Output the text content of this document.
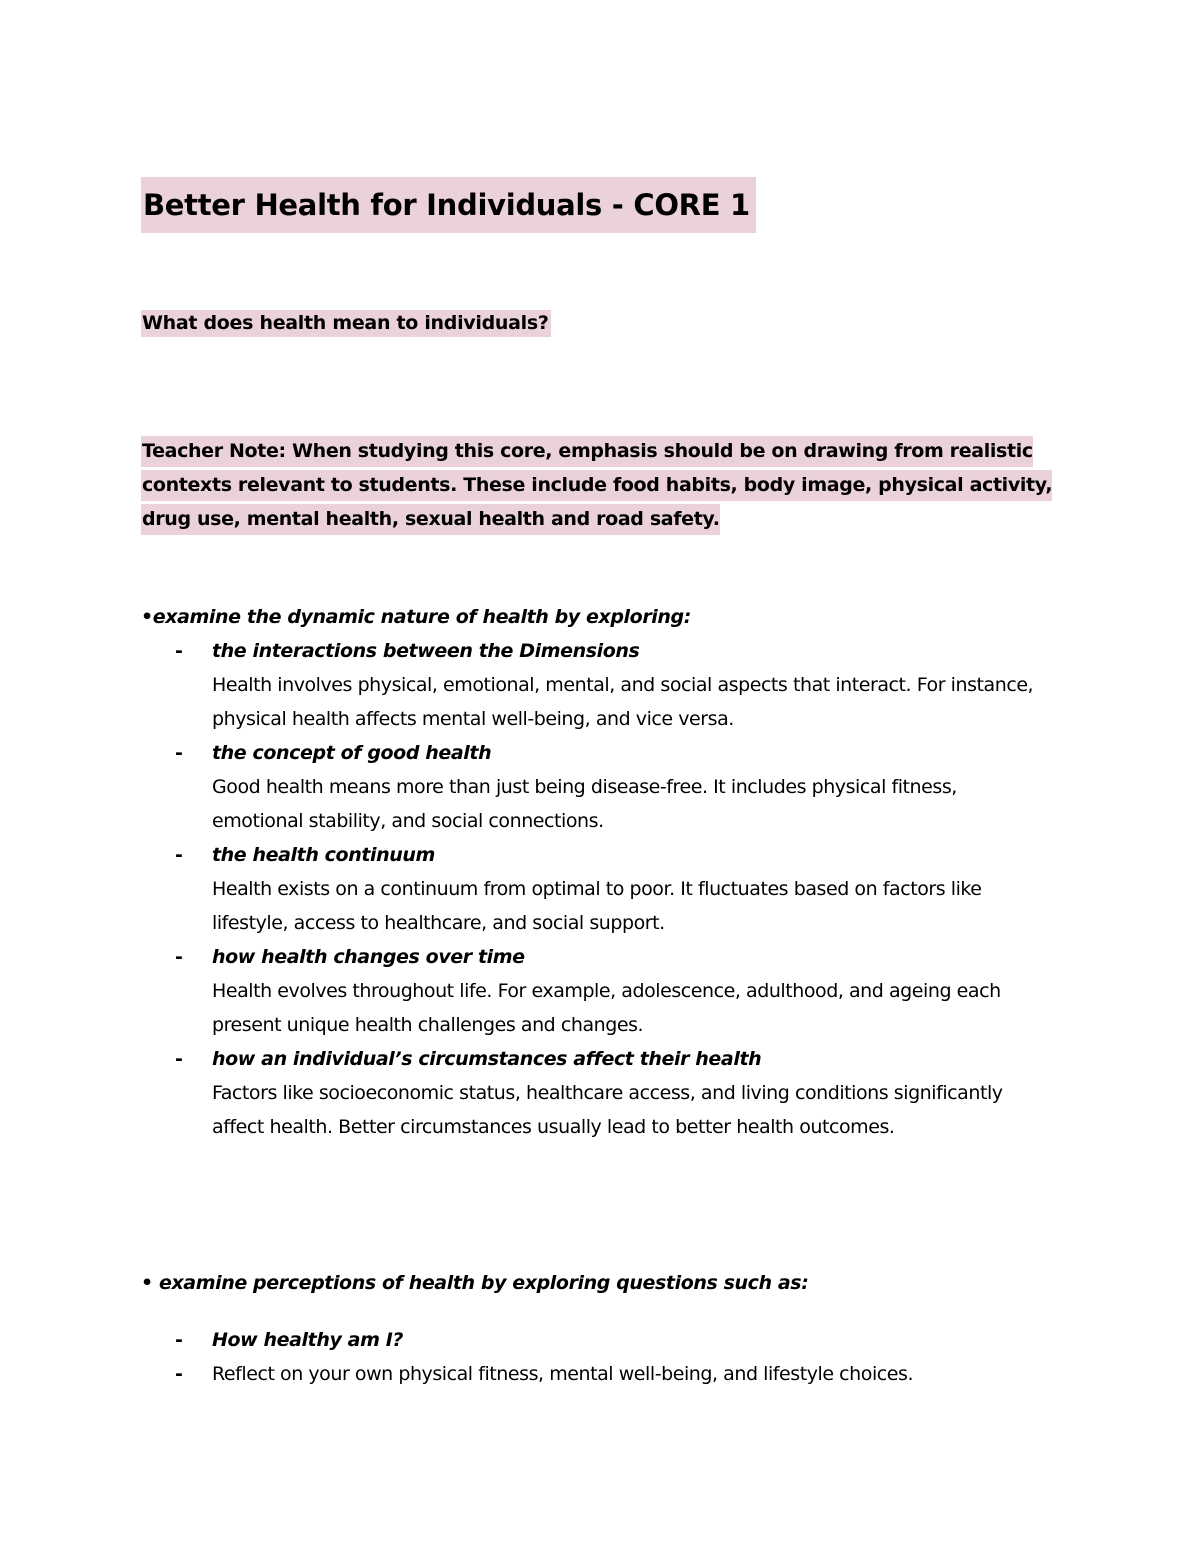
Better Health for Individuals - CORE 1

What does health mean to individuals?

Teacher Note: When studying this core, emphasis should be on drawing from realistic contexts relevant to students. These include food habits, body image, physical activity, drug use, mental health, sexual health and road safety.

•examine the dynamic nature of health by exploring:

- the interactions between the Dimensions
Health involves physical, emotional, mental, and social aspects that interact. For instance, physical health affects mental well-being, and vice versa.
- the concept of good health
Good health means more than just being disease-free. It includes physical fitness, emotional stability, and social connections.
- the health continuum
Health exists on a continuum from optimal to poor. It fluctuates based on factors like lifestyle, access to healthcare, and social support.
- how health changes over time
Health evolves throughout life. For example, adolescence, adulthood, and ageing each present unique health challenges and changes.
- how an individual’s circumstances affect their health
Factors like socioeconomic status, healthcare access, and living conditions significantly affect health. Better circumstances usually lead to better health outcomes.

• examine perceptions of health by exploring questions such as:

- How healthy am I?
- Reflect on your own physical fitness, mental well-being, and lifestyle choices.
